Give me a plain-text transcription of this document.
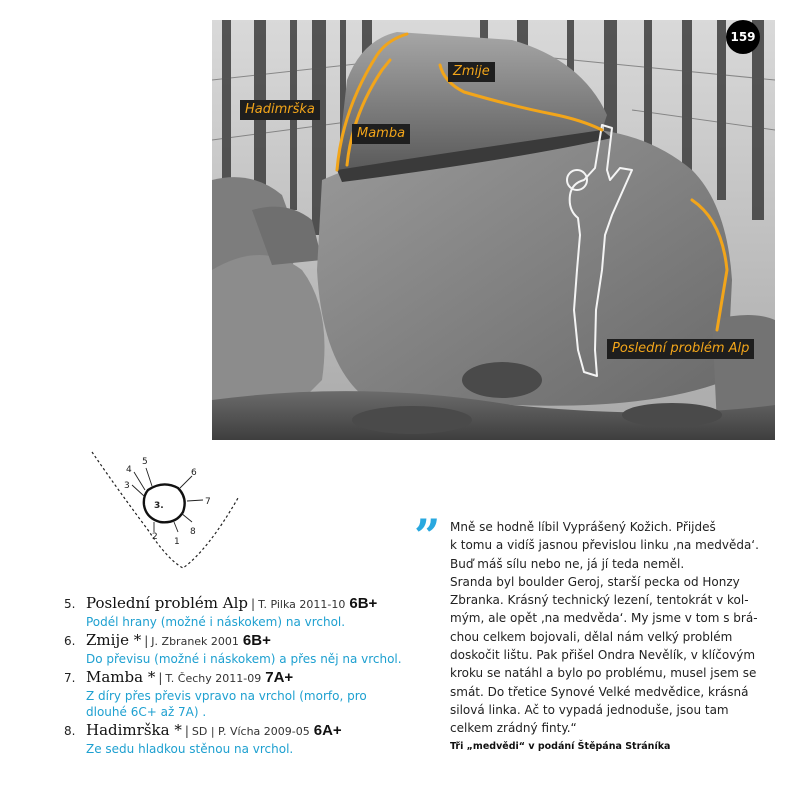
Zmije
Hadimrška
Mamba
Poslední problém Alp
159
3.
4
5
3
6
7
8
1
2
5. Poslední problém Alp | T. Pilka 2011-10 6B+
Podél hrany (možné i náskokem) na vrchol.
6. Zmije * | J. Zbranek 2001 6B+
Do převisu (možné i náskokem) a přes něj na vrchol.
7. Mamba * | T. Čechy 2011-09 7A+
Z díry přes převis vpravo na vrchol (morfo, pro
dlouhé 6C+ až 7A) .
8. Hadimrška * | SD | P. Vícha 2009-05 6A+
Ze sedu hladkou stěnou na vrchol.
” Mně se hodně líbil Vyprášený Kožich. Přijdeš
k tomu a vidíš jasnou převislou linku ‚na medvěda‘.
Buď máš sílu nebo ne, já jí teda neměl.
Sranda byl boulder Geroj, starší pecka od Honzy
Zbranka. Krásný technický lezení, tentokrát v kol-
mým, ale opět ‚na medvěda‘. My jsme v tom s brá-
chou celkem bojovali, dělal nám velký problém
doskočit lištu. Pak přišel Ondra Nevělík, v klíčovým
kroku se natáhl a bylo po problému, musel jsem se
smát. Do třetice Synové Velké medvědice, krásná
silová linka. Ač to vypadá jednoduše, jsou tam
celkem zrádný finty.“
Tři „medvědi“ v podání Štěpána Stráníka
